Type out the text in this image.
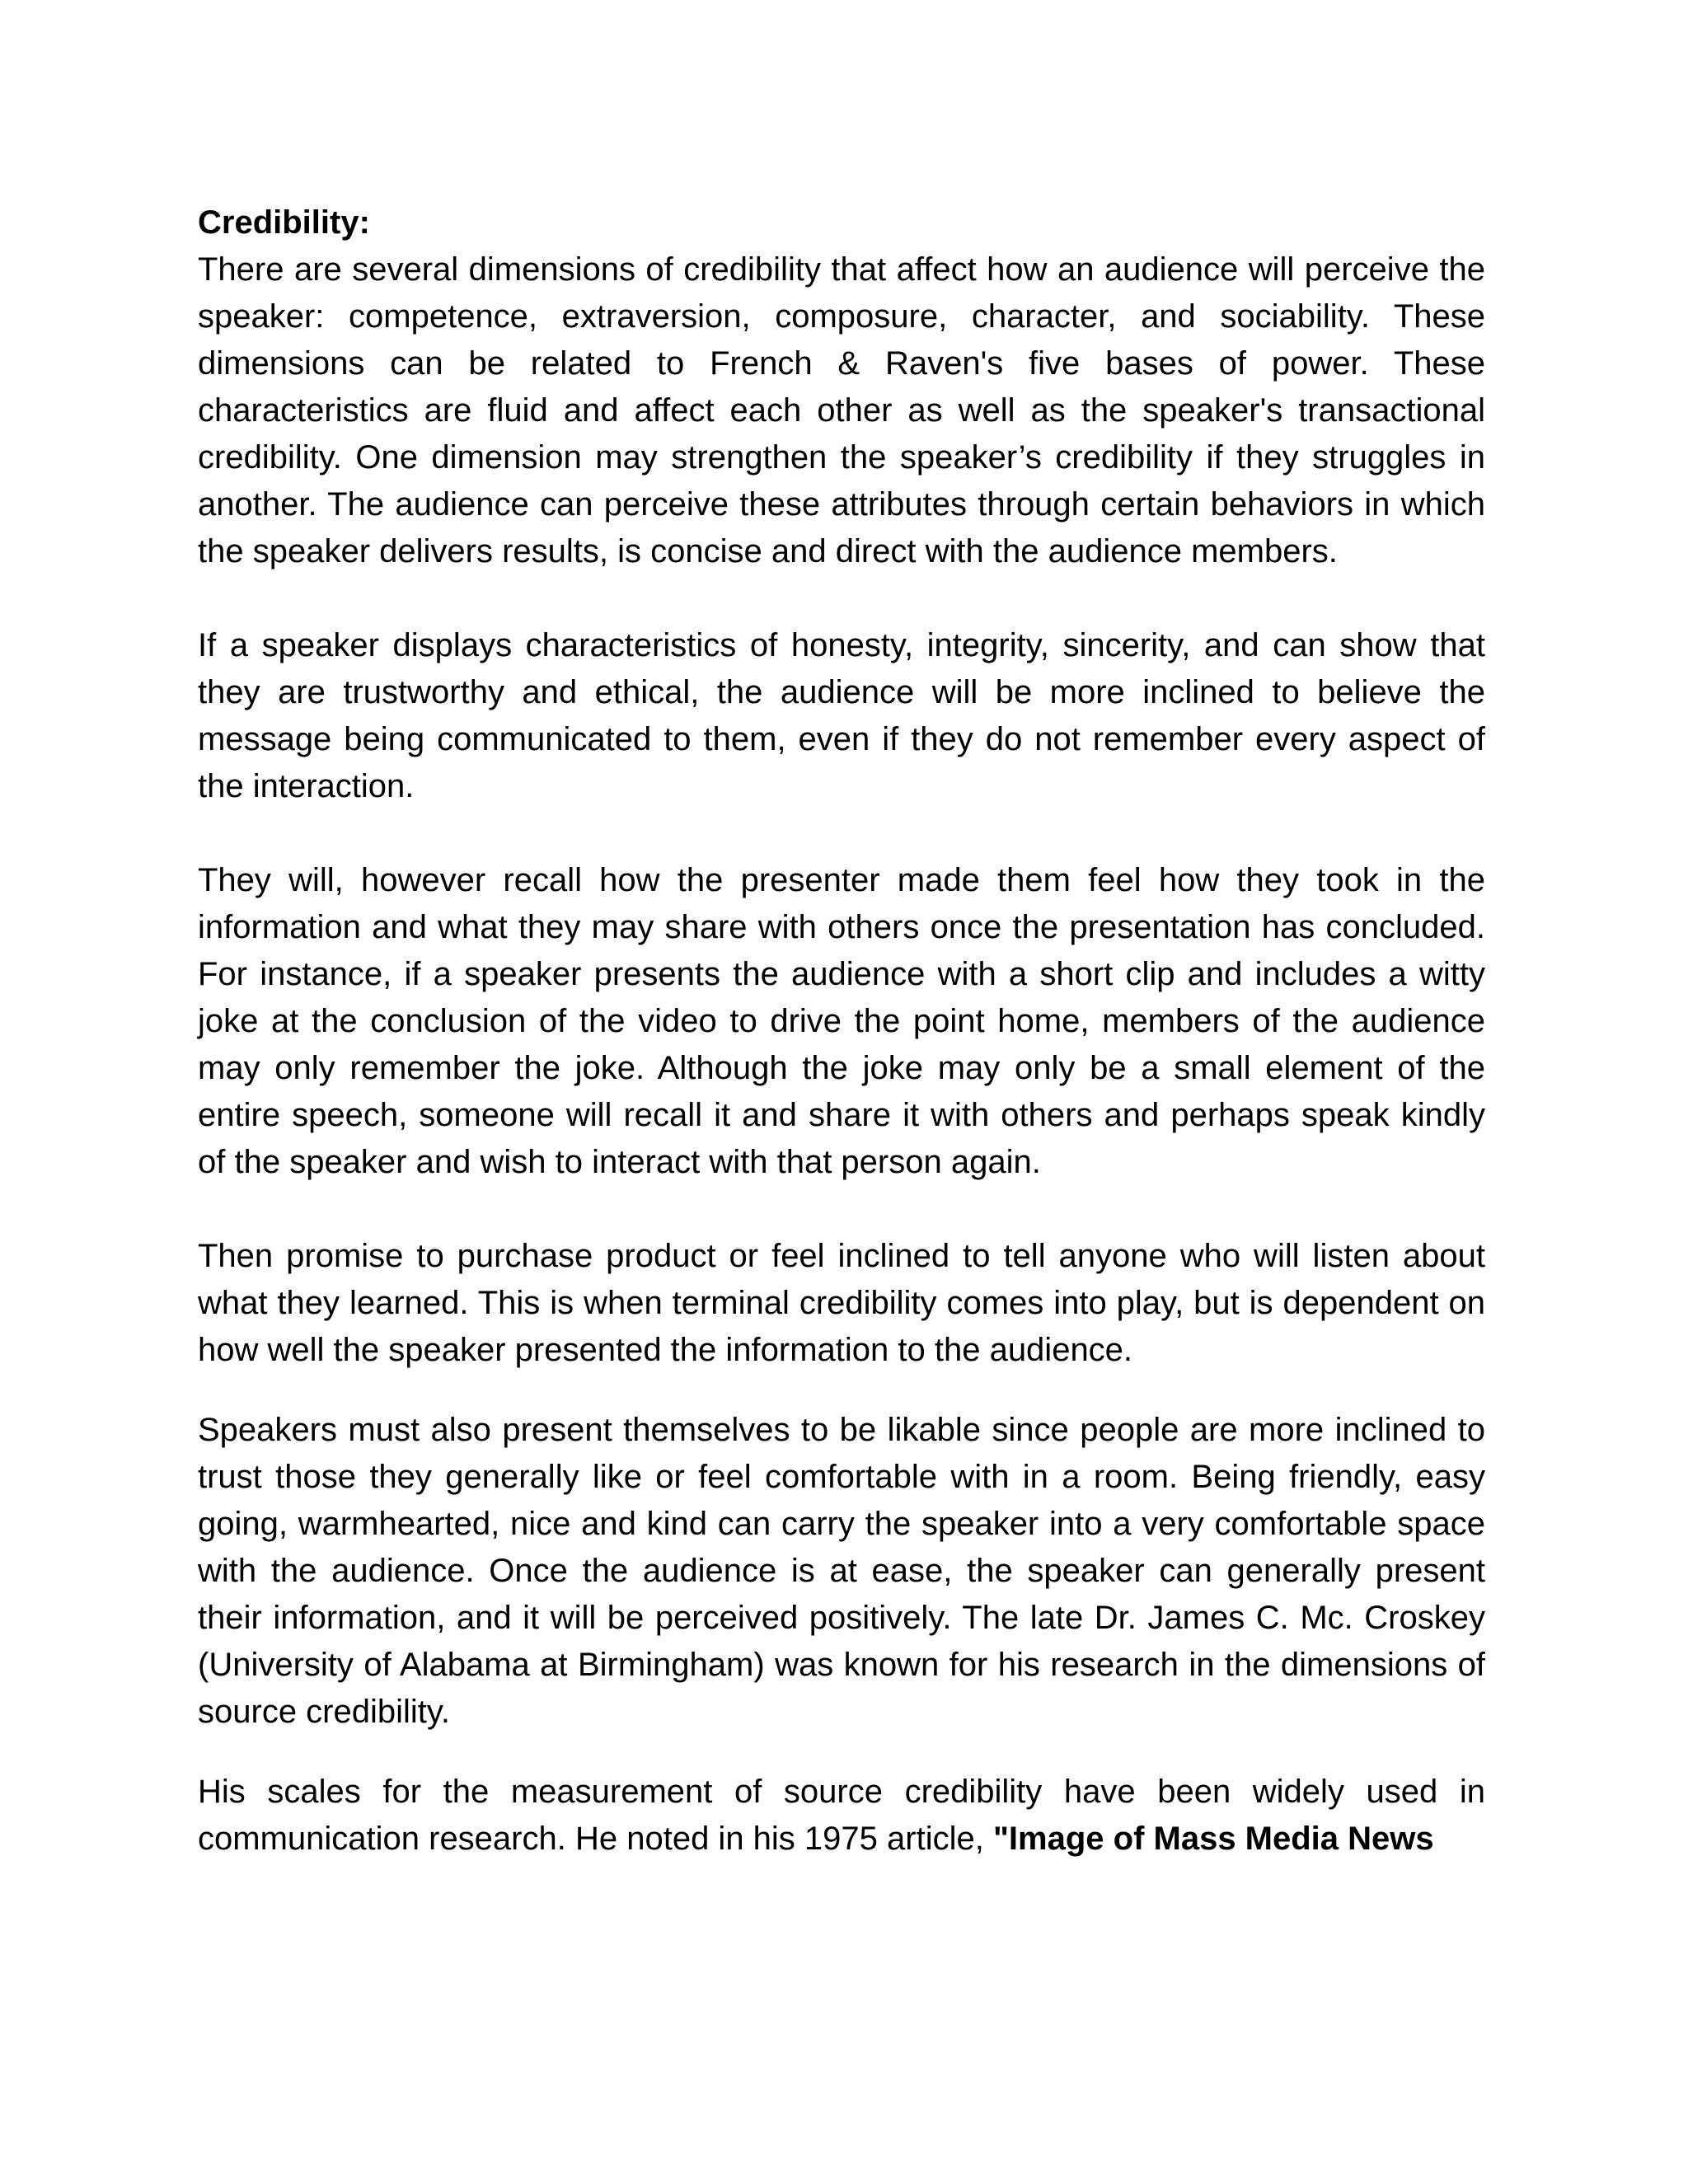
Credibility:

There are several dimensions of credibility that affect how an audience will perceive the speaker: competence, extraversion, composure, character, and sociability. These dimensions can be related to French & Raven's five bases of power. These characteristics are fluid and affect each other as well as the speaker's transactional credibility. One dimension may strengthen the speaker’s credibility if they struggles in another. The audience can perceive these attributes through certain behaviors in which the speaker delivers results, is concise and direct with the audience members.

If a speaker displays characteristics of honesty, integrity, sincerity, and can show that they are trustworthy and ethical, the audience will be more inclined to believe the message being communicated to them, even if they do not remember every aspect of the interaction.

They will, however recall how the presenter made them feel how they took in the information and what they may share with others once the presentation has concluded. For instance, if a speaker presents the audience with a short clip and includes a witty joke at the conclusion of the video to drive the point home, members of the audience may only remember the joke. Although the joke may only be a small element of the entire speech, someone will recall it and share it with others and perhaps speak kindly of the speaker and wish to interact with that person again.

Then promise to purchase product or feel inclined to tell anyone who will listen about what they learned. This is when terminal credibility comes into play, but is dependent on how well the speaker presented the information to the audience.

Speakers must also present themselves to be likable since people are more inclined to trust those they generally like or feel comfortable with in a room. Being friendly, easy going, warmhearted, nice and kind can carry the speaker into a very comfortable space with the audience. Once the audience is at ease, the speaker can generally present their information, and it will be perceived positively. The late Dr. James C. Mc. Croskey (University of Alabama at Birmingham) was known for his research in the dimensions of source credibility.

His scales for the measurement of source credibility have been widely used in communication research. He noted in his 1975 article, "Image of Mass Media News
